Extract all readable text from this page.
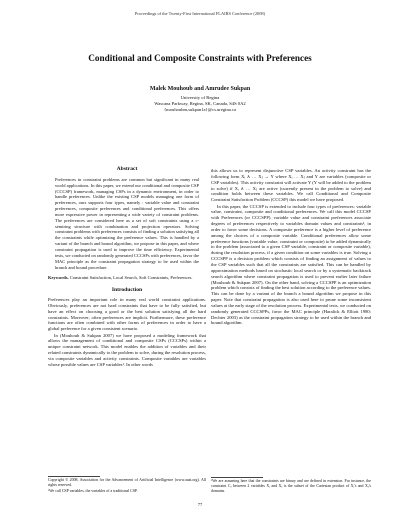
Proceedings of the Twenty-First International FLAIRS Conference (2008)
Conditional and Composite Constraints with Preferences
Malek Mouhoub and Amrudee Sukpan
University of Regina
Wascana Parkway, Regina, SK, Canada, S4S 0A2
{mouhoubm,sukpan1a}@cs.uregina.ca
Abstract
Preferences in constraint problems are common but significant in many real world applications. In this paper, we extend our conditional and composite CSP (CCCSP) framework, managing CSPs in a dynamic environment, in order to handle preferences. Unlike the existing CSP models managing one form of preferences, ours supports four types, namely : variable value and constraint preferences, composite preferences and conditional preferences. This offers more expressive power in representing a wide variety of constraint problems. The preferences are considered here as a set of soft constraints using a c-semiring structure with combination and projection operators. Solving constraint problems with preferences consists of finding a solution satisfying all the constraints while optimizing the preference values. This is handled by a variant of the branch and bound algorithm, we propose in this paper, and where constraint propagation is used to improve the time efficiency. Experimental tests, we conducted on randomly generated CCCSPs with preferences, favor the MAC principle as the constraint propagation strategy to be used within the branch and bound procedure.
Keywords. Constraint Satisfaction, Local Search, Soft Constraints, Preferences.
Introduction

Preferences play an important role in many real world constraint applications. Obviously, preferences are not hard constraints that have to be fully satisfied, but have an effect on choosing a good or the best solution satisfying all the hard constraints. Moreover, often preferences are implicit. Furthermore, these preference functions are often combined with other forms of preferences in order to have a global preference for a given consistent scenario.

In (Mouhoub & Sukpan 2007) we have proposed a modeling framework that allows the management of conditional and composite CSPs (CCCSPs) within a unique constraint network. This model enables the addition of variables and their related constraints dynamically to the problem to solve, during the resolution process, via composite variables and activity constraints. Composite variables are variables whose possible values are CSP variables¹. In other words

this allows us to represent disjunctive CSP variables. An activity constraint has the following form Xᵢ ∧ … Xⱼ → Y where Xᵢ … Xⱼ and Y are variables (composite or CSP variables). This activity constraint will activate Y (Y will be added to the problem to solve) if Xᵢ ∧ … Xⱼ are active (currently present in the problem to solve) and condition holds between these variables. We call Conditional and Composite Constraint Satisfaction Problem (CCCSP) this model we have proposed.

In this paper, the CCCSP is extended to include four types of preferences: variable value, constraint, composite and conditional preferences. We call this model CCCSP with Preferences (or CCCSPP). variable value and constraint preferences associate degrees of preferences respectively to variables domain values and constraints², in order to favor some decisions. A composite preference is a higher level of preference among the choices of a composite variable. Conditional preferences allow some preference functions (variable value, constraint or composite) to be added dynamically to the problem (associated to a given CSP variable, constraint or composite variable), during the resolution process, if a given condition on some variables is true. Solving a CCCSPP is a decision problem which consists of finding an assignment of values to the CSP variables such that all the constraints are satisfied. This can be handled by approximation methods based on stochastic local search or by a systematic backtrack search algorithm where constraint propagation is used to prevent earlier later failure (Mouhoub & Sukpan 2007). On the other hand, solving a CCCSPP is an optimization problem which consists of finding the best solution according to the preference values. This can be done by a variant of the branch a bound algorithm we propose in this paper. Note that constraint propagation is also used here to prune some inconsistent values at the early stage of the resolution process. Experimental tests, we conducted on randomly generated CCCSPPs, favor the MAC principle (Haralick & Elliott 1980; Dechter 2003) as the constraint propagation strategy to be used within the branch and bound algorithm.

Copyright © 2008, Association for the Advancement of Artificial Intelligence (www.aaai.org). All rights reserved.
¹We call CSP variables, the variables of a traditional CSP.
²We are assuming here that the constraints are binary and are defined in extension. For instance, the constraint Cⱼ between 2 variables Xᵢ and Xⱼ is the subset of the Cartesian product of Xᵢ's and Xⱼ's domains.
77
